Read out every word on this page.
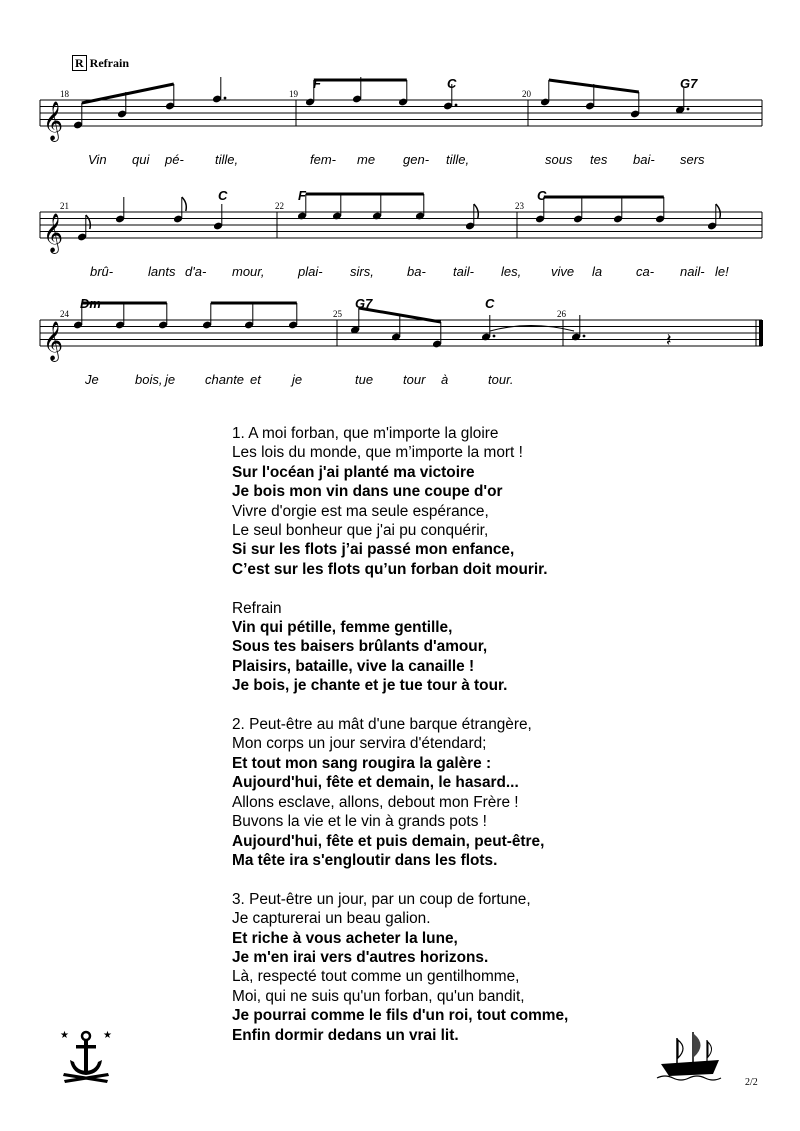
R Refrain
𝄞
𝄞
𝄞	𝄽
F	C	G7
C	F	C
Dm	G7	C
18	19	20
21	22	23
24	25	26
Vin qui pé- tille,	fem- me gen- tille,	sous tes bai- sers
brû-	lants d'a- mour,	plai- sirs,	ba- tail- les, vive la	ca- nail- le!
Je	bois, je chante et je	tue tour à	tour.
1. A moi forban, que m'importe la gloire
Les lois du monde, que m’importe la mort !
Sur l'océan j'ai planté ma victoire
Je bois mon vin dans une coupe d'or
Vivre d'orgie est ma seule espérance,
Le seul bonheur que j'ai pu conquérir,
Si sur les flots j’ai passé mon enfance,
C’est sur les flots qu’un forban doit mourir.
Refrain
Vin qui pétille, femme gentille,
Sous tes baisers brûlants d'amour,
Plaisirs, bataille, vive la canaille !
Je bois, je chante et je tue tour à tour.
2. Peut-être au mât d'une barque étrangère,
Mon corps un jour servira d'étendard;
Et tout mon sang rougira la galère :
Aujourd'hui, fête et demain, le hasard...
Allons esclave, allons, debout mon Frère !
Buvons la vie et le vin à grands pots !
Aujourd'hui, fête et puis demain, peut-être,
Ma tête ira s'engloutir dans les flots.
3. Peut-être un jour, par un coup de fortune,
Je capturerai un beau galion.
Et riche à vous acheter la lune,
Je m'en irai vers d'autres horizons.
Là, respecté tout comme un gentilhomme,
Moi, qui ne suis qu'un forban, qu'un bandit,
Je pourrai comme le fils d'un roi, tout comme,
Enfin dormir dedans un vrai lit.
★	★
2/2
